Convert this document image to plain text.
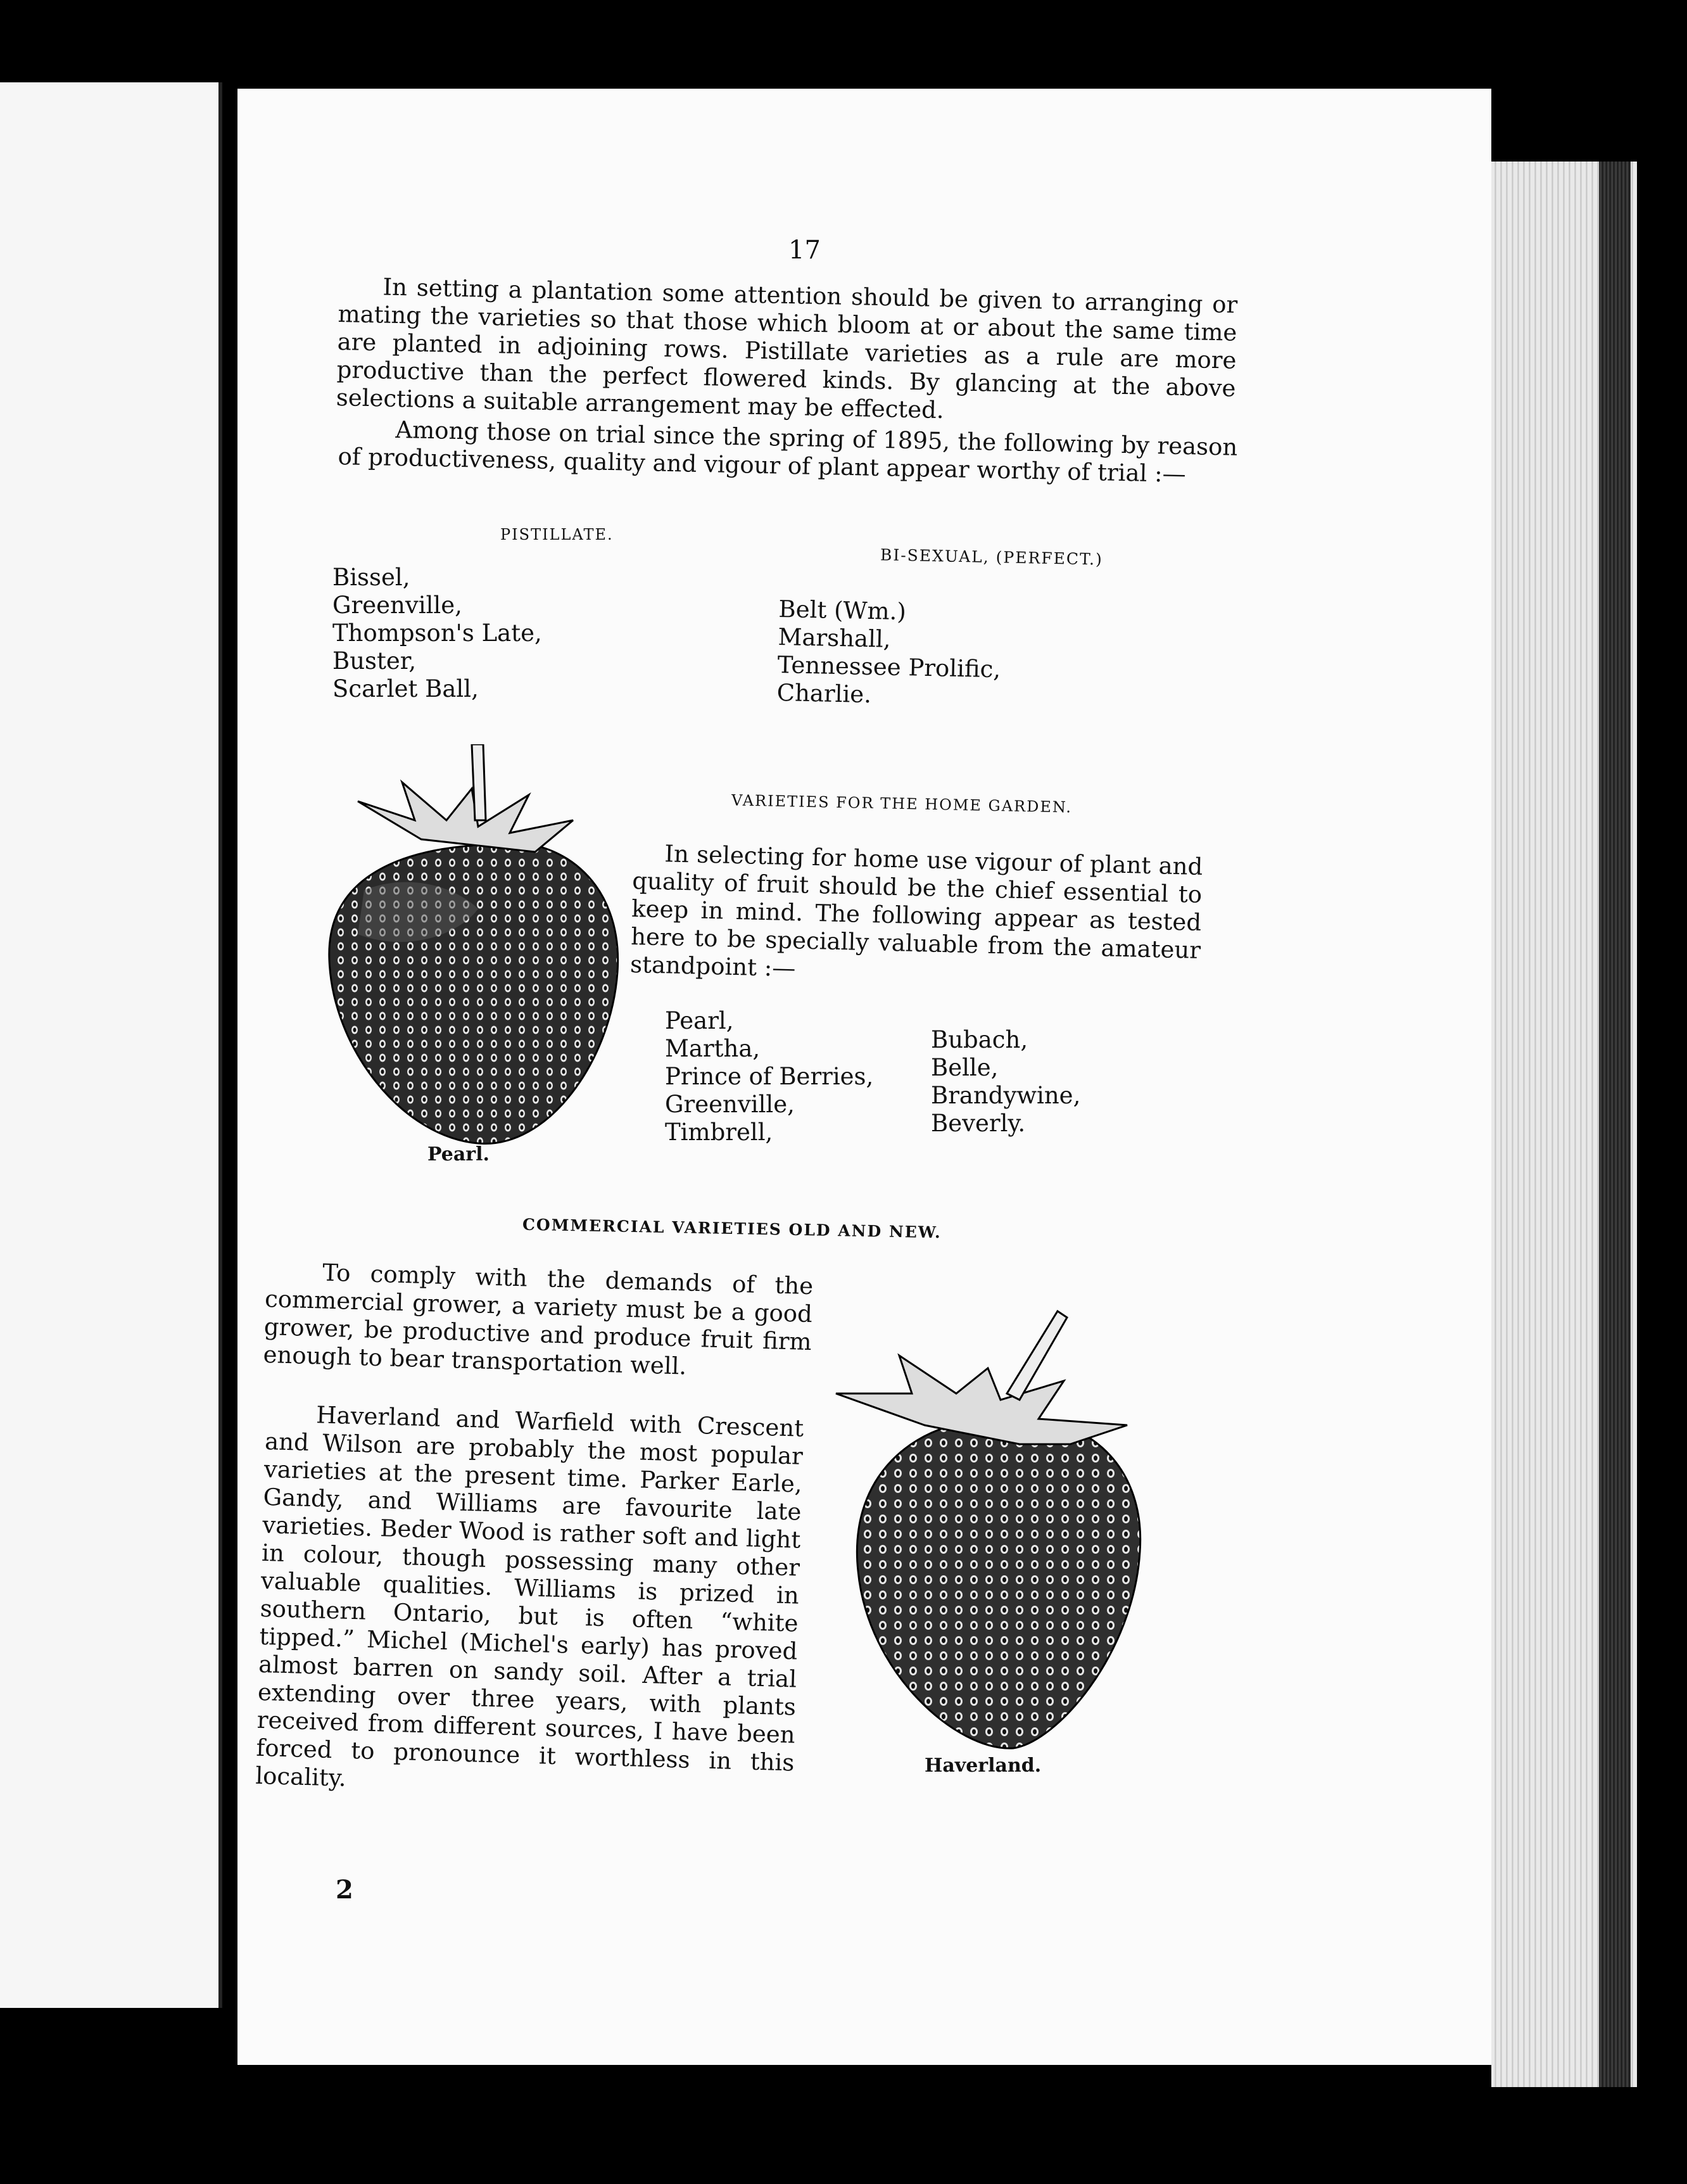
17

In setting a plantation some attention should be given to arranging or mating the varieties so that those which bloom at or about the same time are planted in adjoining rows. Pistillate varieties as a rule are more productive than the perfect flowered kinds. By glancing at the above selections a suitable arrangement may be effected.

Among those on trial since the spring of 1895, the following by reason of productiveness, quality and vigour of plant appear worthy of trial :—

PISTILLATE.
Bissel,
Greenville,
Thompson's Late,
Buster,
Scarlet Ball,
BI-SEXUAL, (PERFECT.)
Belt (Wm.)
Marshall,
Tennessee Prolific,
Charlie.
Pearl.
VARIETIES FOR THE HOME GARDEN.

In selecting for home use vigour of plant and quality of fruit should be the chief essential to keep in mind. The following appear as tested here to be specially valuable from the amateur standpoint :—

Pearl,
Martha,
Prince of Berries,
Greenville,
Timbrell,
Bubach,
Belle,
Brandywine,
Beverly.
COMMERCIAL VARIETIES OLD AND NEW.

To comply with the demands of the commercial grower, a variety must be a good grower, be productive and produce fruit firm enough to bear transportation well.

Haverland and Warfield with Crescent and Wilson are probably the most popular varieties at the present time. Parker Earle, Gandy, and Williams are favourite late varieties. Beder Wood is rather soft and light in colour, though possessing many other valuable qualities. Williams is prized in southern Ontario, but is often “white tipped.” Michel (Michel's early) has proved almost barren on sandy soil. After a trial extending over three years, with plants received from different sources, I have been forced to pronounce it worthless in this locality.	Haverland.
2
